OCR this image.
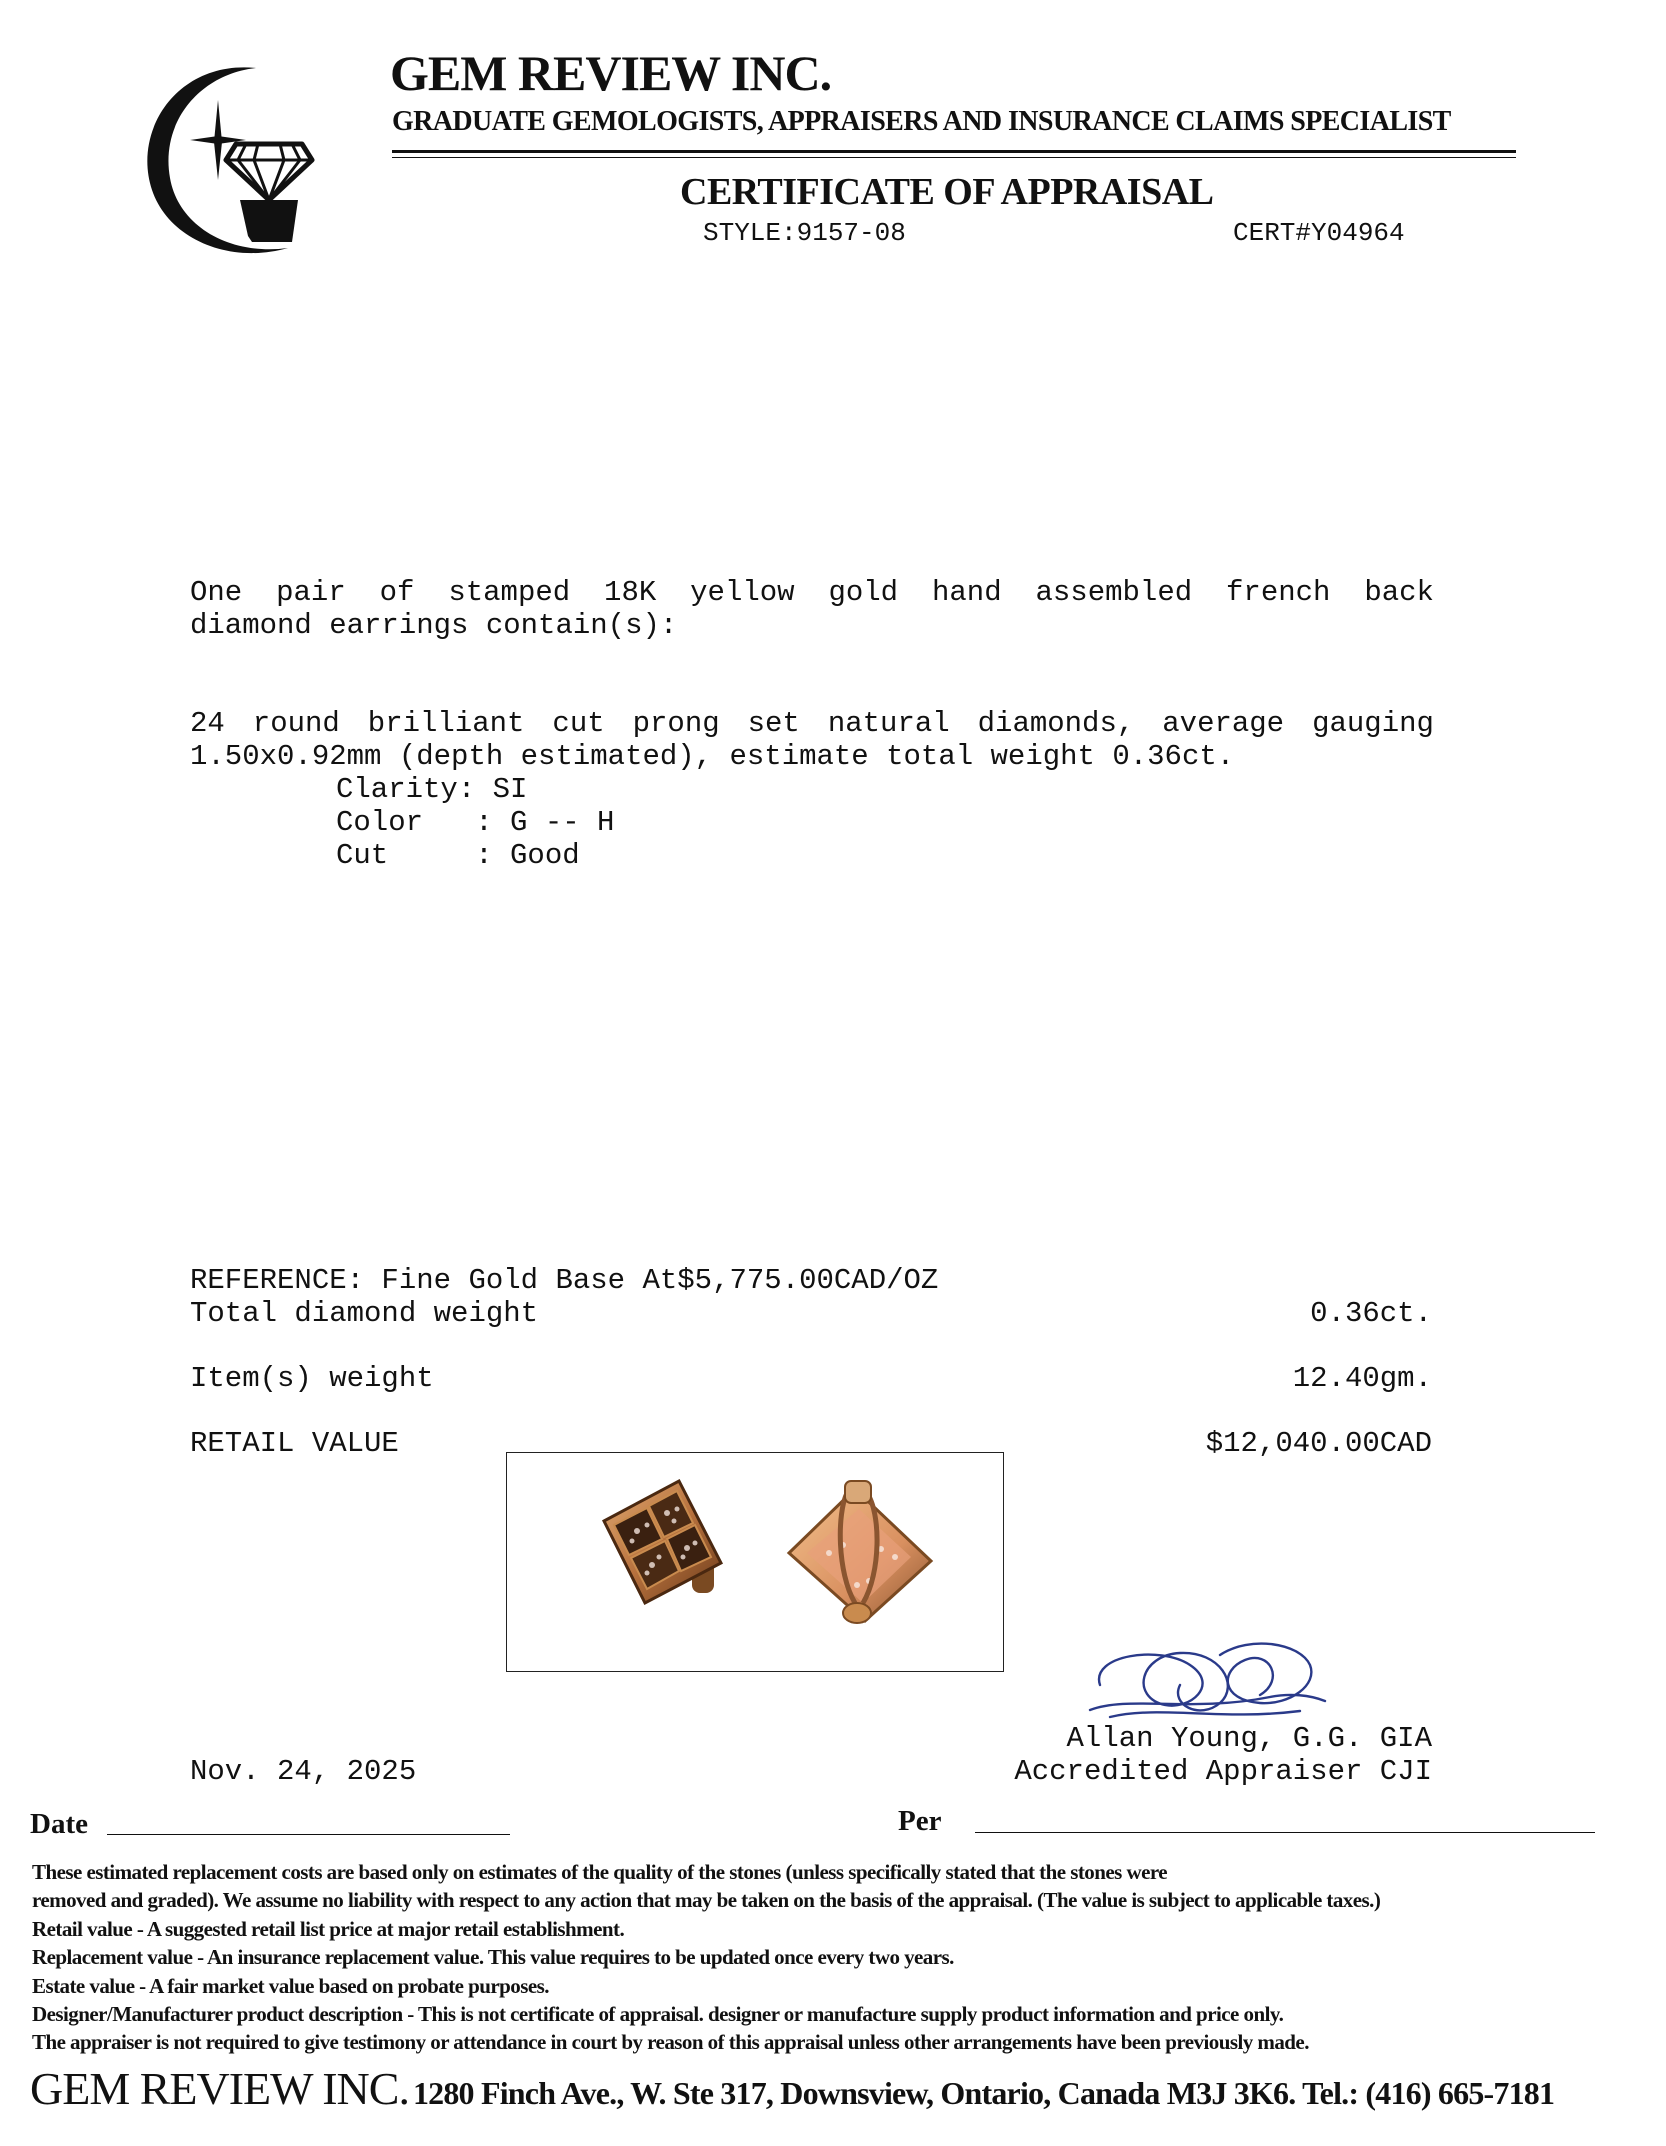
GEM REVIEW INC.
GRADUATE GEMOLOGISTS, APPRAISERS AND INSURANCE CLAIMS SPECIALIST
CERTIFICATE OF APPRAISAL
STYLE:9157-08	CERT#Y04964
One pair of stamped 18K yellow gold hand assembled french back
diamond earrings contain(s):
24 round brilliant cut prong set natural diamonds, average gauging
1.50x0.92mm (depth estimated), estimate total weight 0.36ct.
Clarity: SI
Color   : G -- H
Cut     : Good
REFERENCE: Fine Gold Base At$5,775.00CAD/OZ
Total diamond weight	0.36ct.
Item(s) weight	12.40gm.
RETAIL VALUE	$12,040.00CAD
Allan Young, G.G. GIA
Accredited Appraiser CJI
Nov. 24, 2025
Date	Per
These estimated replacement costs are based only on estimates of the quality of the stones (unless specifically stated that the stones were
removed and graded). We assume no liability with respect to any action that may be taken on the basis of the appraisal. (The value is subject to applicable taxes.)
Retail value - A suggested retail list price at major retail establishment.
Replacement value - An insurance replacement value. This value requires to be updated once every two years.
Estate value - A fair market value based on probate purposes.
Designer/Manufacturer product description - This is not certificate of appraisal. designer or manufacture supply product information and price only.
The appraiser is not required to give testimony or attendance in court by reason of this appraisal unless other arrangements have been previously made.
GEM REVIEW INC. 1280 Finch Ave., W. Ste 317, Downsview, Ontario, Canada M3J 3K6. Tel.: (416) 665-7181
